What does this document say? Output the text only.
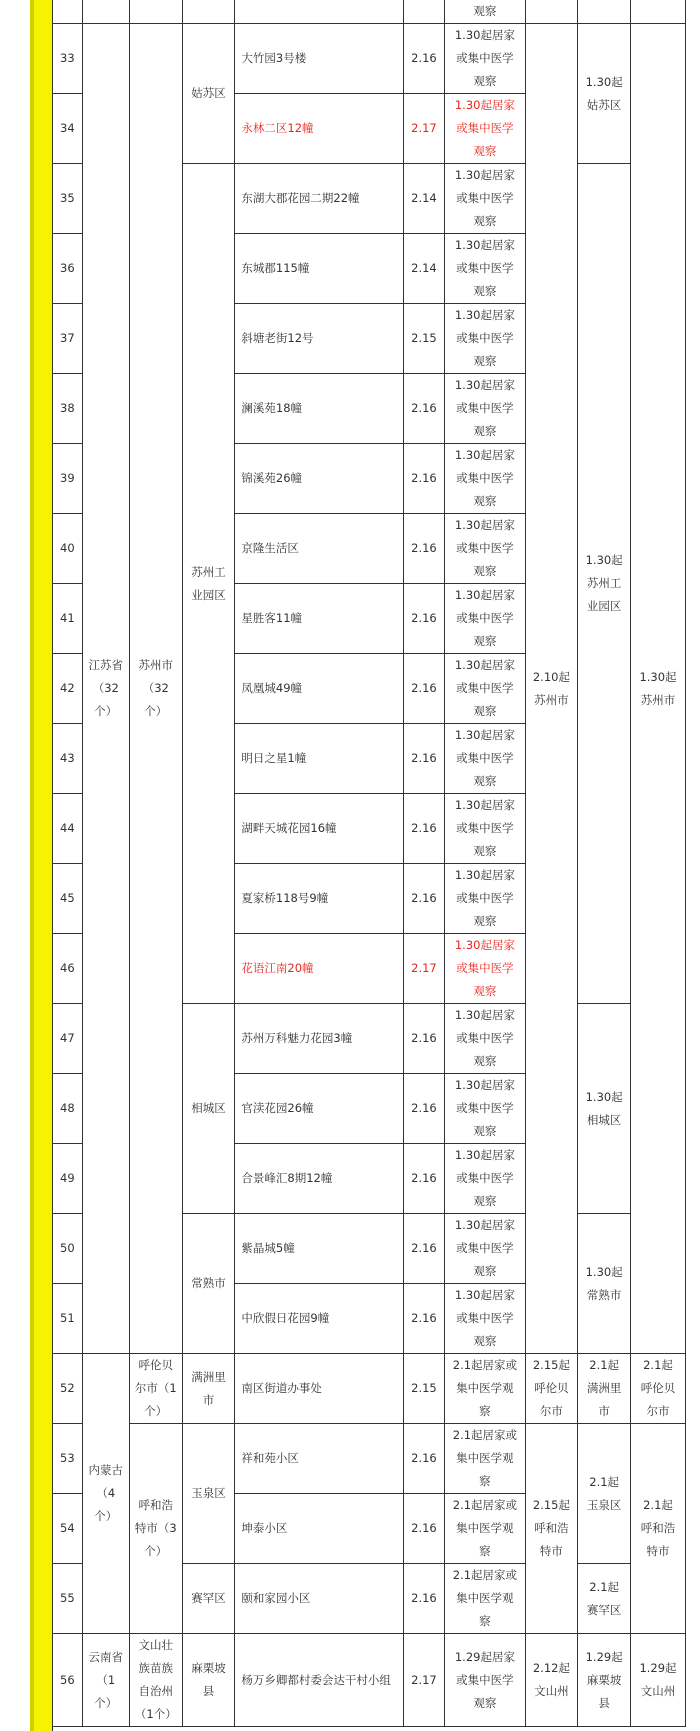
观察			
33	江苏省
（32
个）	苏州市
（32
个）	姑苏区	大竹园3号楼	2.16	1.30起居家
或集中医学
观察	2.10起
苏州市	1.30起
姑苏区	1.30起
苏州市
34				永林二区12幢	2.17	1.30起居家
或集中医学
观察			
35			苏州工
业园区	东湖大郡花园二期22幢	2.14	1.30起居家
或集中医学
观察		1.30起
苏州工
业园区	
36				东城郡115幢	2.14	1.30起居家
或集中医学
观察			
37				斜塘老街12号	2.15	1.30起居家
或集中医学
观察			
38				澜溪苑18幢	2.16	1.30起居家
或集中医学
观察			
39				锦溪苑26幢	2.16	1.30起居家
或集中医学
观察			
40				京隆生活区	2.16	1.30起居家
或集中医学
观察			
41				星胜客11幢	2.16	1.30起居家
或集中医学
观察			
42				凤凰城49幢	2.16	1.30起居家
或集中医学
观察			
43				明日之星1幢	2.16	1.30起居家
或集中医学
观察			
44				湖畔天城花园16幢	2.16	1.30起居家
或集中医学
观察			
45				夏家桥118号9幢	2.16	1.30起居家
或集中医学
观察			
46				花语江南20幢	2.17	1.30起居家
或集中医学
观察			
47			相城区	苏州万科魅力花园3幢	2.16	1.30起居家
或集中医学
观察		1.30起
相城区	
48				官渎花园26幢	2.16	1.30起居家
或集中医学
观察			
49				合景峰汇8期12幢	2.16	1.30起居家
或集中医学
观察			
50			常熟市	紫晶城5幢	2.16	1.30起居家
或集中医学
观察		1.30起
常熟市	
51				中欣假日花园9幢	2.16	1.30起居家
或集中医学
观察			
52	内蒙古
（4
个）	呼伦贝
尔市（1
个）	满洲里
市	南区街道办事处	2.15	2.1起居家或
集中医学观
察	2.15起
呼伦贝
尔市	2.1起
满洲里
市	2.1起
呼伦贝
尔市
53		呼和浩
特市（3
个）	玉泉区	祥和苑小区	2.16	2.1起居家或
集中医学观
察	2.15起
呼和浩
特市	2.1起
玉泉区	2.1起
呼和浩
特市
54				坤泰小区	2.16	2.1起居家或
集中医学观
察			
55			赛罕区	颐和家园小区	2.16	2.1起居家或
集中医学观
察		2.1起
赛罕区	
56	云南省
（1
个）	文山壮
族苗族
自治州
（1个）	麻栗坡
县	杨万乡卿都村委会达干村小组	2.17	1.29起居家
或集中医学
观察	2.12起
文山州	1.29起
麻栗坡
县	1.29起
文山州
